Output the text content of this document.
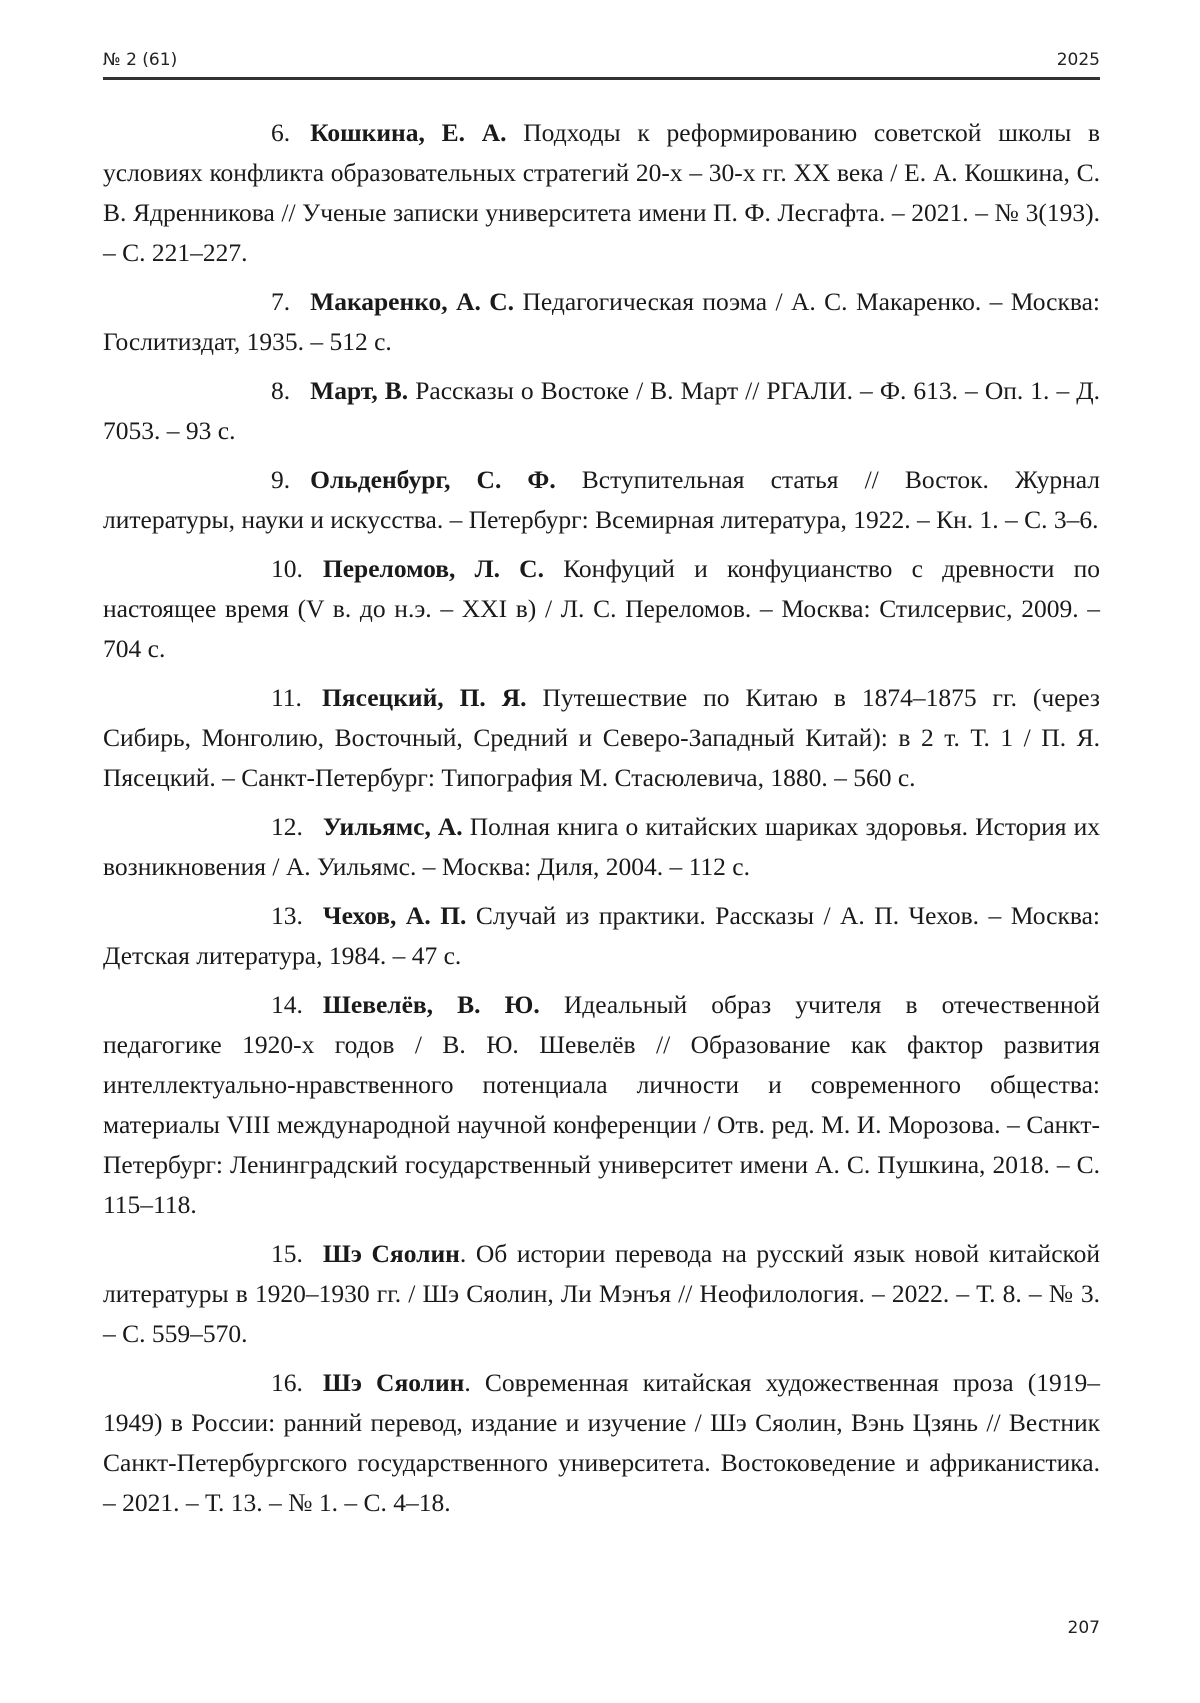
№ 2 (61)	2025

6. Кошкина, Е. А. Подходы к реформированию советской школы в условиях конфликта образовательных стратегий 20-х – 30-х гг. XX века / Е. А. Кошкина, С. В. Ядренникова // Ученые записки университета имени П. Ф. Лесгафта. – 2021. – № 3(193). – С. 221–227.

7. Макаренко, А. С. Педагогическая поэма / А. С. Макаренко. – Москва: Гослитиздат, 1935. – 512 с.

8. Март, В. Рассказы о Востоке / В. Март // РГАЛИ. – Ф. 613. – Оп. 1. – Д. 7053. – 93 с.

9. Ольденбург, С. Ф. Вступительная статья // Восток. Журнал литературы, науки и искусства. – Петербург: Всемирная литература, 1922. – Кн. 1. – С. 3–6.

10. Переломов, Л. С. Конфуций и конфуцианство с древности по настоящее время (V в. до н.э. – XXI в) / Л. С. Переломов. – Москва: Стилсервис, 2009. – 704 с.

11. Пясецкий, П. Я. Путешествие по Китаю в 1874–1875 гг. (через Сибирь, Монголию, Восточный, Средний и Северо-Западный Китай): в 2 т. Т. 1 / П. Я. Пясецкий. – Санкт-Петербург: Типография М. Стасюлевича, 1880. – 560 с.

12. Уильямс, А. Полная книга о китайских шариках здоровья. История их возникновения / А. Уильямс. – Москва: Диля, 2004. – 112 с.

13. Чехов, А. П. Случай из практики. Рассказы / А. П. Чехов. – Москва: Детская литература, 1984. – 47 с.

14. Шевелёв, В. Ю. Идеальный образ учителя в отечественной педагогике 1920-х годов / В. Ю. Шевелёв // Образование как фактор развития интеллектуально-нравственного потенциала личности и современного общества: материалы VIII международной научной конференции / Отв. ред. М. И. Морозова. – Санкт-Петербург: Ленинградский государственный университет имени А. С. Пушкина, 2018. – С. 115–118.

15. Шэ Сяолин. Об истории перевода на русский язык новой китайской литературы в 1920–1930 гг. / Шэ Сяолин, Ли Мэнъя // Неофилология. – 2022. – Т. 8. – № 3. – С. 559–570.

16. Шэ Сяолин. Современная китайская художественная проза (1919–1949) в России: ранний перевод, издание и изучение / Шэ Сяолин, Вэнь Цзянь // Вестник Санкт-Петербургского государственного университета. Востоковедение и африканистика. – 2021. – Т. 13. – № 1. – С. 4–18.

207
